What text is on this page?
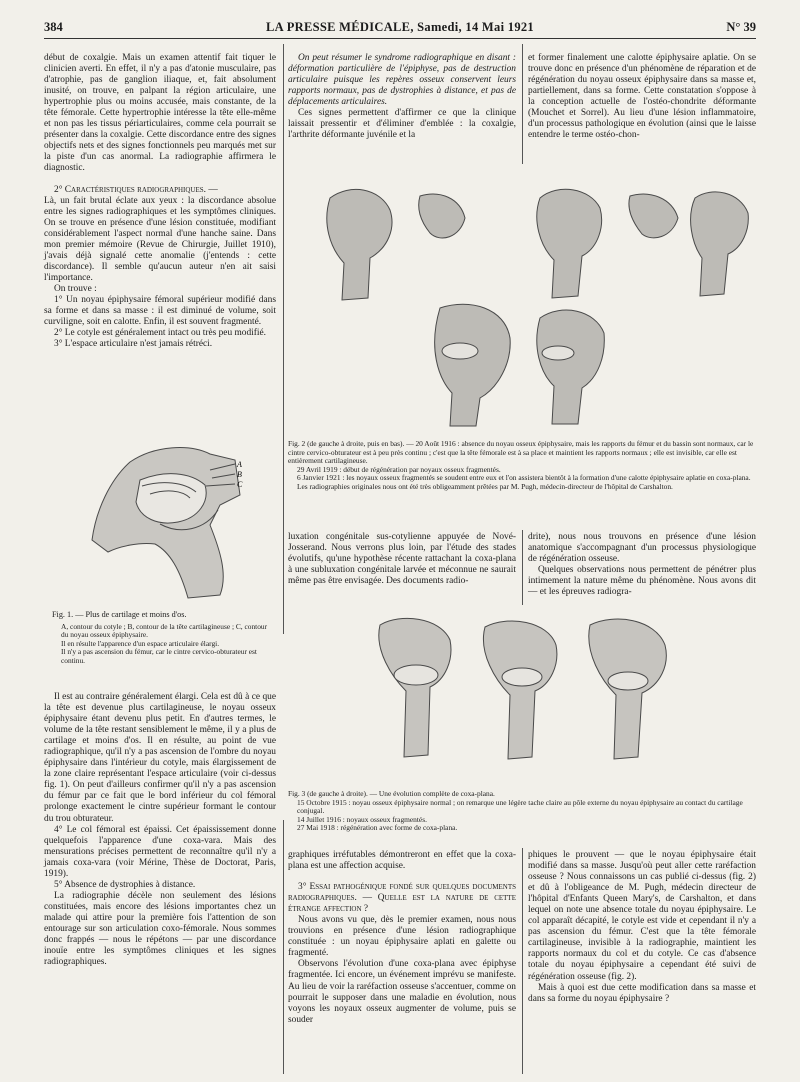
384	LA PRESSE MÉDICALE, Samedi, 14 Mai 1921	N° 39

début de coxalgie. Mais un examen attentif fait tiquer le clinicien averti. En effet, il n'y a pas d'atonie musculaire, pas d'atrophie, pas de ganglion iliaque, et, fait absolument inusité, on trouve, en palpant la région articulaire, une hypertrophie plus ou moins accusée, mais constante, de la tête fémorale. Cette hypertrophie intéresse la tête elle-même et non pas les tissus périarticulaires, comme cela pourrait se présenter dans la coxalgie. Cette discordance entre des signes objectifs nets et des signes fonctionnels peu marqués met sur la piste d'un cas anormal. La radiographie affirmera le diagnostic.

2° Caractéristiques radiographiques. —

Là, un fait brutal éclate aux yeux : la discordance absolue entre les signes radiographiques et les symptômes cliniques. On se trouve en présence d'une lésion constituée, modifiant considérablement l'aspect normal d'une hanche saine. Dans mon premier mémoire (Revue de Chirurgie, Juillet 1910), j'avais déjà signalé cette anomalie (j'entends : cette discordance). Il semble qu'aucun auteur n'en ait saisi l'importance.

On trouve :

1° Un noyau épiphysaire fémoral supérieur modifié dans sa forme et dans sa masse : il est diminué de volume, soit curviligne, soit en calotte. Enfin, il est souvent fragmenté.

2° Le cotyle est généralement intact ou très peu modifié.

3° L'espace articulaire n'est jamais rétréci.

A
B
C

Fig. 1. — Plus de cartilage et moins d'os.

A, contour du cotyle ; B, contour de la tête cartilagineuse ; C, contour du noyau osseux épiphysaire.

Il en résulte l'apparence d'un espace articulaire élargi.

Il n'y a pas ascension du fémur, car le cintre cervico-obturateur est continu.

Il est au contraire généralement élargi. Cela est dû à ce que la tête est devenue plus cartilagineuse, le noyau osseux épiphysaire étant devenu plus petit. En d'autres termes, le volume de la tête restant sensiblement le même, il y a plus de cartilage et moins d'os. Il en résulte, au point de vue radiographique, qu'il n'y a pas ascension de l'ombre du noyau épiphysaire dans l'intérieur du cotyle, mais élargissement de la zone claire représentant l'espace articulaire (voir ci-dessus fig. 1). On peut d'ailleurs confirmer qu'il n'y a pas ascension du fémur par ce fait que le bord inférieur du col fémoral prolonge exactement le cintre supérieur formant le contour du trou obturateur.

4° Le col fémoral est épaissi. Cet épaississement donne quelquefois l'apparence d'une coxa-vara. Mais des mensurations précises permettent de reconnaître qu'il n'y a jamais coxa-vara (voir Mérine, Thèse de Doctorat, Paris, 1919).

5° Absence de dystrophies à distance.

La radiographie décèle non seulement des lésions constituées, mais encore des lésions importantes chez un malade qui attire pour la première fois l'attention de son entourage sur son articulation coxo-fémorale. Nous sommes donc frappés — nous le répétons — par une discordance inouïe entre les symptômes cliniques et les signes radiographiques.

On peut résumer le syndrome radiographique en disant : déformation particulière de l'épiphyse, pas de destruction articulaire puisque les repères osseux conservent leurs rapports normaux, pas de dystrophies à distance, et pas de déplacements articulaires.

Ces signes permettent d'affirmer ce que la clinique laissait pressentir et d'éliminer d'emblée : la coxalgie, l'arthrite déformante juvénile et la

et former finalement une calotte épiphysaire aplatie. On se trouve donc en présence d'un phénomène de réparation et de régénération du noyau osseux épiphysaire dans sa masse et, partiellement, dans sa forme. Cette constatation s'oppose à la conception actuelle de l'ostéo-chondrite déformante (Mouchet et Sorrel). Au lieu d'une lésion inflammatoire, d'un processus pathologique en évolution (ainsi que le laisse entendre le terme ostéo-chon-

Fig. 2 (de gauche à droite, puis en bas). — 20 Août 1916 : absence du noyau osseux épiphysaire, mais les rapports du fémur et du bassin sont normaux, car le cintre cervico-obturateur est à peu près continu ; c'est que la tête fémorale est à sa place et maintient les rapports normaux ; elle est invisible, car elle est entièrement cartilagineuse.

29 Avril 1919 : début de régénération par noyaux osseux fragmentés.

6 Janvier 1921 : les noyaux osseux fragmentés se soudent entre eux et l'on assistera bientôt à la formation d'une calotte épiphysaire aplatie en coxa-plana.

Les radiographies originales nous ont été très obligeamment prêtées par M. Pugh, médecin-directeur de l'hôpital de Carshalton.

luxation congénitale sus-cotylienne appuyée de Nové-Josserand. Nous verrons plus loin, par l'étude des stades évolutifs, qu'une hypothèse récente rattachant la coxa-plana à une subluxation congénitale larvée et méconnue ne saurait même pas être envisagée. Des documents radio-

drite), nous nous trouvons en présence d'une lésion anatomique s'accompagnant d'un processus physiologique de régénération osseuse.

Quelques observations nous permettent de pénétrer plus intimement la nature même du phénomène. Nous avons dit — et les épreuves radiogra-

Fig. 3 (de gauche à droite). — Une évolution complète de coxa-plana.

15 Octobre 1915 : noyau osseux épiphysaire normal ; on remarque une légère tache claire au pôle externe du noyau épiphysaire au contact du cartilage conjugal.

14 Juillet 1916 : noyaux osseux fragmentés.

27 Mai 1918 : régénération avec forme de coxa-plana.

graphiques irréfutables démontreront en effet que la coxa-plana est une affection acquise.

3° Essai pathogénique fondé sur quelques documents radiographiques. — Quelle est la nature de cette étrange affection ?

Nous avons vu que, dès le premier examen, nous nous trouvions en présence d'une lésion radiographique constituée : un noyau épiphysaire aplati en galette ou fragmenté.

Observons l'évolution d'une coxa-plana avec épiphyse fragmentée. Ici encore, un événement imprévu se manifeste. Au lieu de voir la raréfaction osseuse s'accentuer, comme on pourrait le supposer dans une maladie en évolution, nous voyons les noyaux osseux augmenter de volume, puis se souder

phiques le prouvent — que le noyau épiphysaire était modifié dans sa masse. Jusqu'où peut aller cette raréfaction osseuse ? Nous connaissons un cas publié ci-dessus (fig. 2) et dû à l'obligeance de M. Pugh, médecin directeur de l'hôpital d'Enfants Queen Mary's, de Carshalton, et dans lequel on note une absence totale du noyau épiphysaire. Le col apparaît décapité, le cotyle est vide et cependant il n'y a pas ascension du fémur. C'est que la tête fémorale cartilagineuse, invisible à la radiographie, maintient les rapports normaux du col et du cotyle. Ce cas d'absence totale du noyau épiphysaire a cependant été suivi de régénération osseuse (fig. 2).

Mais à quoi est due cette modification dans sa masse et dans sa forme du noyau épiphysaire ?
